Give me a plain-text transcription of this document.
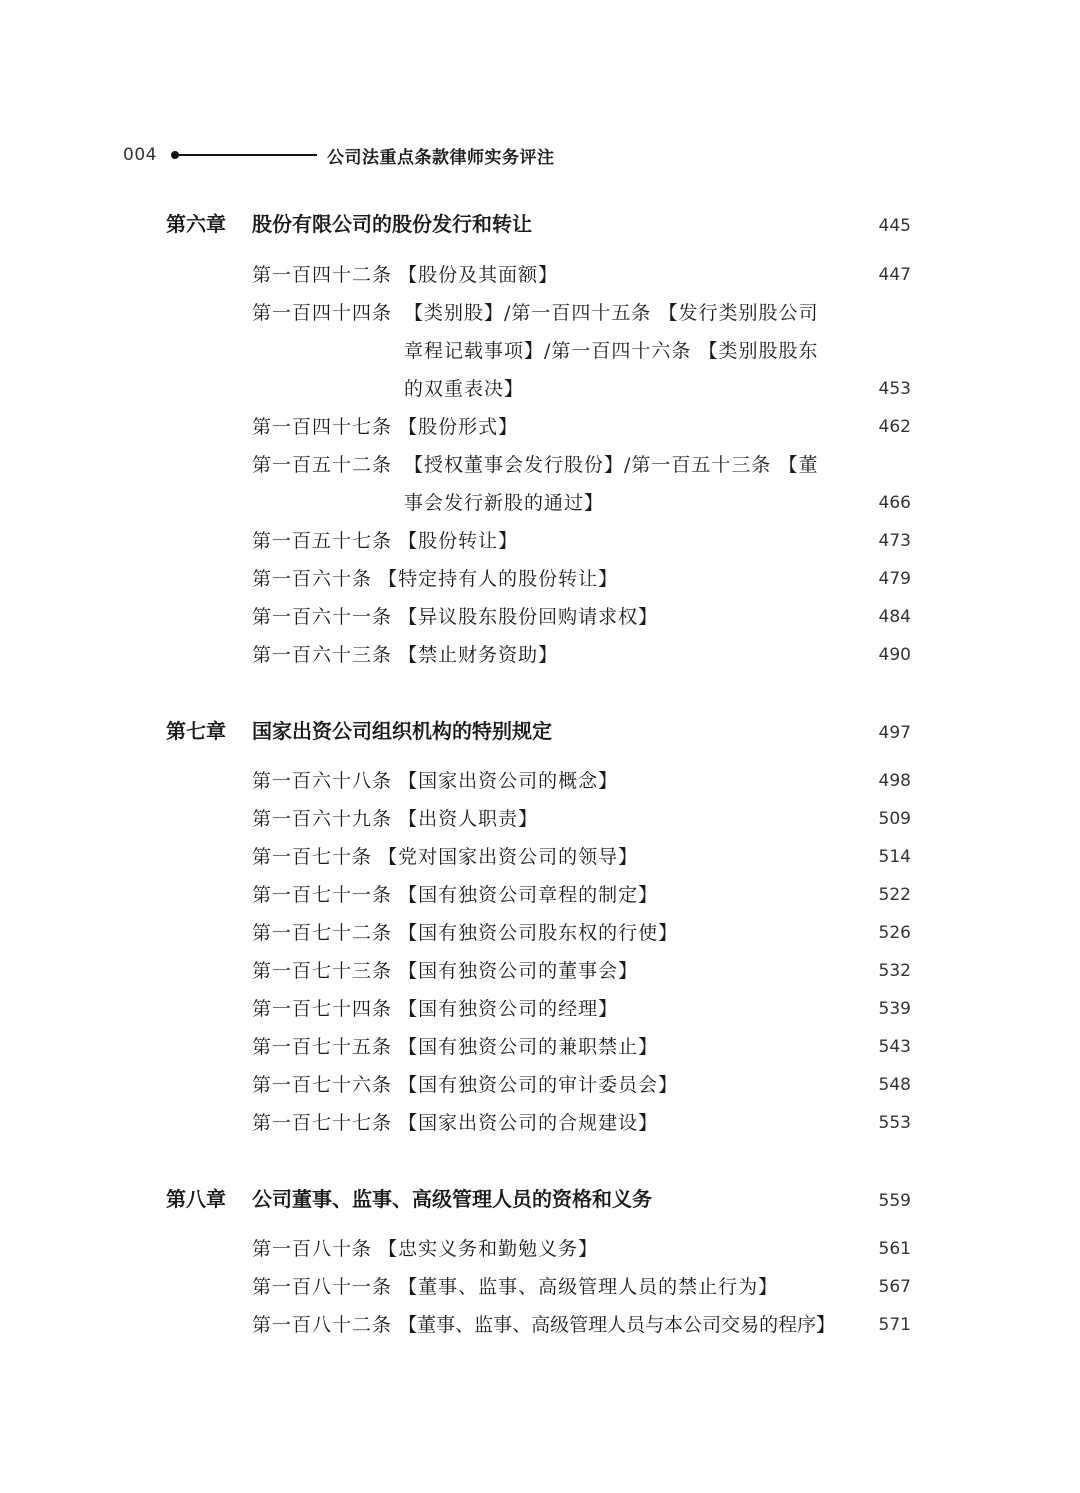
004	公司法重点条款律师实务评注
第六章	股份有限公司的股份发行和转让	445
第一百四十二条 【股份及其面额】	447
第一百四十四条 【类别股】/第一百四十五条 【发行类别股公司章程记载事项】/第一百四十六条 【类别股股东的双重表决】	453
第一百四十七条 【股份形式】	462
第一百五十二条 【授权董事会发行股份】/第一百五十三条 【董事会发行新股的通过】	466
第一百五十七条 【股份转让】	473
第一百六十条 【特定持有人的股份转让】	479
第一百六十一条 【异议股东股份回购请求权】	484
第一百六十三条 【禁止财务资助】	490
第七章	国家出资公司组织机构的特别规定	497
第一百六十八条 【国家出资公司的概念】	498
第一百六十九条 【出资人职责】	509
第一百七十条 【党对国家出资公司的领导】	514
第一百七十一条 【国有独资公司章程的制定】	522
第一百七十二条 【国有独资公司股东权的行使】	526
第一百七十三条 【国有独资公司的董事会】	532
第一百七十四条 【国有独资公司的经理】	539
第一百七十五条 【国有独资公司的兼职禁止】	543
第一百七十六条 【国有独资公司的审计委员会】	548
第一百七十七条 【国家出资公司的合规建设】	553
第八章	公司董事、监事、高级管理人员的资格和义务	559
第一百八十条 【忠实义务和勤勉义务】	561
第一百八十一条 【董事、监事、高级管理人员的禁止行为】	567
第一百八十二条 【董事、监事、高级管理人员与本公司交易的程序】	571
